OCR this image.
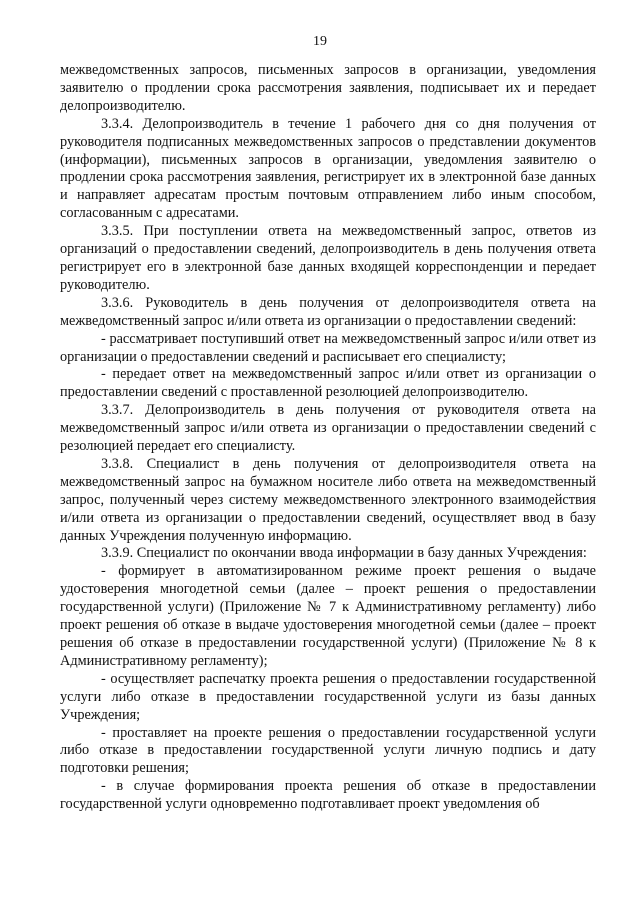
19

межведомственных запросов, письменных запросов в организации, уведомления заявителю о продлении срока рассмотрения заявления, подписывает их и передает делопроизводителю.

3.3.4. Делопроизводитель в течение 1 рабочего дня со дня получения от руководителя подписанных межведомственных запросов о представлении документов (информации), письменных запросов в организации, уведомления заявителю о продлении срока рассмотрения заявления, регистрирует их в электронной базе данных и направляет адресатам простым почтовым отправлением либо иным способом, согласованным с адресатами.

3.3.5. При поступлении ответа на межведомственный запрос, ответов из организаций о предоставлении сведений, делопроизводитель в день получения ответа регистрирует его в электронной базе данных входящей корреспонденции и передает руководителю.

3.3.6. Руководитель в день получения от делопроизводителя ответа на межведомственный запрос и/или ответа из организации о предоставлении сведений:

- рассматривает поступивший ответ на межведомственный запрос и/или ответ из организации о предоставлении сведений и расписывает его специалисту;

- передает ответ на межведомственный запрос и/или ответ из организации о предоставлении сведений с проставленной резолюцией делопроизводителю.

3.3.7. Делопроизводитель в день получения от руководителя ответа на межведомственный запрос и/или ответа из организации о предоставлении сведений с резолюцией передает его специалисту.

3.3.8. Специалист в день получения от делопроизводителя ответа на межведомственный запрос на бумажном носителе либо ответа на межведомственный запрос, полученный через систему межведомственного электронного взаимодействия и/или ответа из организации о предоставлении сведений, осуществляет ввод в базу данных Учреждения полученную информацию.

3.3.9. Специалист по окончании ввода информации в базу данных Учреждения:

- формирует в автоматизированном режиме проект решения о выдаче удостоверения многодетной семьи (далее – проект решения о предоставлении государственной услуги) (Приложение № 7 к Административному регламенту) либо проект решения об отказе в выдаче удостоверения многодетной семьи (далее – проект решения об отказе в предоставлении государственной услуги) (Приложение № 8 к Административному регламенту);

- осуществляет распечатку проекта решения о предоставлении государственной услуги либо отказе в предоставлении государственной услуги из базы данных Учреждения;

- проставляет на проекте решения о предоставлении государственной услуги либо отказе в предоставлении государственной услуги личную подпись и дату подготовки решения;

- в случае формирования проекта решения об отказе в предоставлении государственной услуги одновременно подготавливает проект уведомления об
